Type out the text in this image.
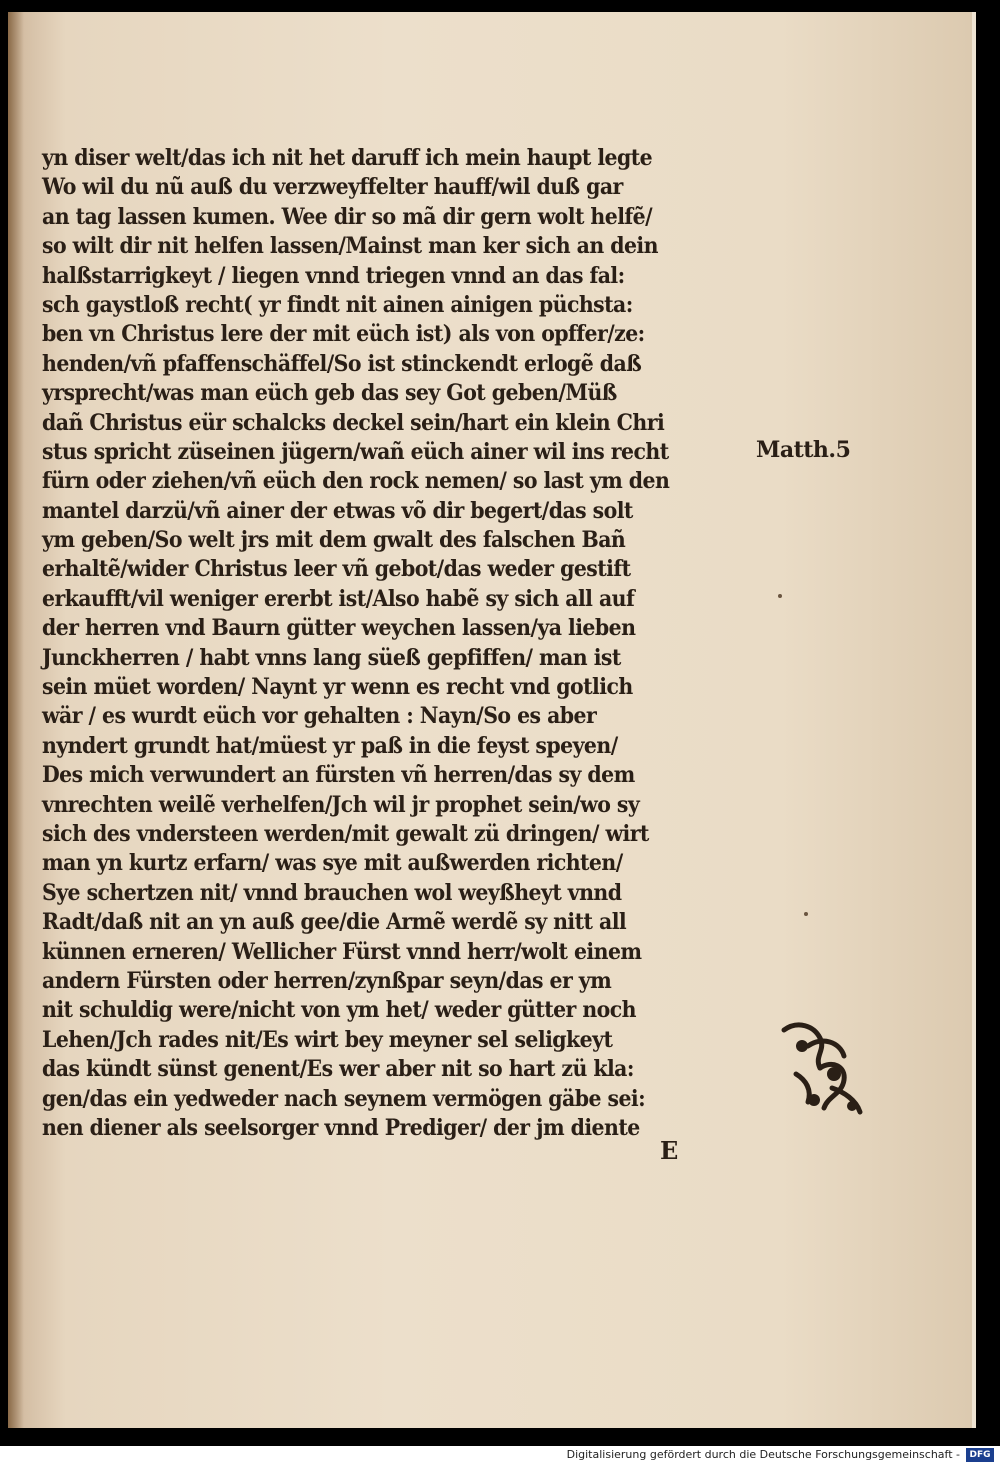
yn diser welt/das ich nit het daruff ich mein haupt legte
Wo wil du nũ auß du verzweyffelter hauff/wil duß gar
an tag lassen kumen. Wee dir so mã dir gern wolt helfẽ/
so wilt dir nit helfen lassen/Mainst man ker sich an dein
halßstarrigkeyt / liegen vnnd triegen vnnd an das fal:
sch gaystloß recht( yr findt nit ainen ainigen püchsta:
ben vn Christus lere der mit eüch ist) als von opffer/ze:
henden/vñ pfaffenschäffel/So ist stinckendt erlogẽ daß
yrsprecht/was man eüch geb das sey Got geben/Müß
dañ Christus eür schalcks deckel sein/hart ein klein Chri
stus spricht züseinen jügern/wañ eüch ainer wil ins recht
fürn oder ziehen/vñ eüch den rock nemen/ so last ym den
mantel darzü/vñ ainer der etwas võ dir begert/das solt
ym geben/So welt jrs mit dem gwalt des falschen Bañ
erhaltẽ/wider Christus leer vñ gebot/das weder gestift
erkaufft/vil weniger ererbt ist/Also habẽ sy sich all auf
der herren vnd Baurn gütter weychen lassen/ya lieben
Junckherren / habt vnns lang süeß gepfiffen/ man ist
sein müet worden/ Naynt yr wenn es recht vnd gotlich
wär / es wurdt eüch vor gehalten : Nayn/So es aber
nyndert grundt hat/müest yr paß in die feyst speyen/
Des mich verwundert an fürsten vñ herren/das sy dem
vnrechten weilẽ verhelfen/Jch wil jr prophet sein/wo sy
sich des vndersteen werden/mit gewalt zü dringen/ wirt
man yn kurtz erfarn/ was sye mit außwerden richten/
Sye schertzen nit/ vnnd brauchen wol weyßheyt vnnd
Radt/daß nit an yn auß gee/die Armẽ werdẽ sy nitt all
künnen erneren/ Wellicher Fürst vnnd herr/wolt einem
andern Fürsten oder herren/zynßpar seyn/das er ym
nit schuldig were/nicht von ym het/ weder gütter noch
Lehen/Jch rades nit/Es wirt bey meyner sel seligkeyt
das kündt sünst genent/Es wer aber nit so hart zü kla:
gen/das ein yedweder nach seynem vermögen gäbe sei:
nen diener als seelsorger vnnd Prediger/ der jm diente
Matth.5
E
Digitalisierung gefördert durch die Deutsche Forschungsgemeinschaft -	DFG
